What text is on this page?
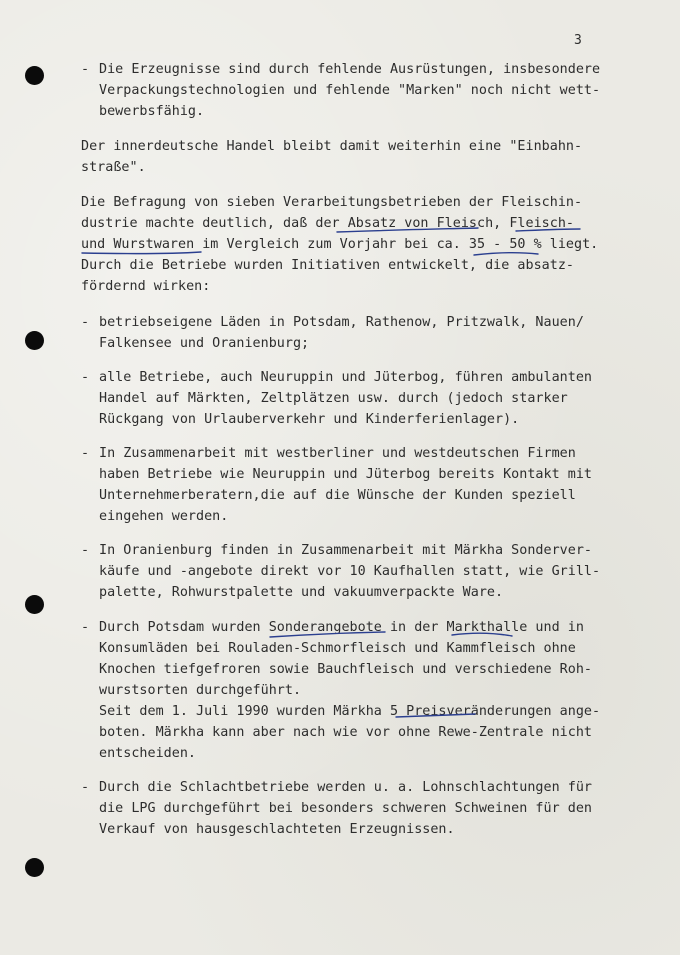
3
- Die Erzeugnisse sind durch fehlende Ausrüstungen, insbesondere
Verpackungstechnologien und fehlende "Marken" noch nicht wett-
bewerbsfähig.
Der innerdeutsche Handel bleibt damit weiterhin eine "Einbahn-
straße".
Die Befragung von sieben Verarbeitungsbetrieben der Fleischin-
dustrie machte deutlich, daß der Absatz von Fleisch, Fleisch-
und Wurstwaren im Vergleich zum Vorjahr bei ca. 35 - 50 % liegt.
Durch die Betriebe wurden Initiativen entwickelt, die absatz-
fördernd wirken:
- betriebseigene Läden in Potsdam, Rathenow, Pritzwalk, Nauen/
Falkensee und Oranienburg;
- alle Betriebe, auch Neuruppin und Jüterbog, führen ambulanten
Handel auf Märkten, Zeltplätzen usw. durch (jedoch starker
Rückgang von Urlauberverkehr und Kinderferienlager).
- In Zusammenarbeit mit westberliner und westdeutschen Firmen
haben Betriebe wie Neuruppin und Jüterbog bereits Kontakt mit
Unternehmerberatern,die auf die Wünsche der Kunden speziell
eingehen werden.
- In Oranienburg finden in Zusammenarbeit mit Märkha Sonderver-
käufe und -angebote direkt vor 10 Kaufhallen statt, wie Grill-
palette, Rohwurstpalette und vakuumverpackte Ware.
- Durch Potsdam wurden Sonderangebote in der Markthalle und in
Konsumläden bei Rouladen-Schmorfleisch und Kammfleisch ohne
Knochen tiefgefroren sowie Bauchfleisch und verschiedene Roh-
wurstsorten durchgeführt.
Seit dem 1. Juli 1990 wurden Märkha 5 Preisveränderungen ange-
boten. Märkha kann aber nach wie vor ohne Rewe-Zentrale nicht
entscheiden.
- Durch die Schlachtbetriebe werden u. a. Lohnschlachtungen für
die LPG durchgeführt bei besonders schweren Schweinen für den
Verkauf von hausgeschlachteten Erzeugnissen.
